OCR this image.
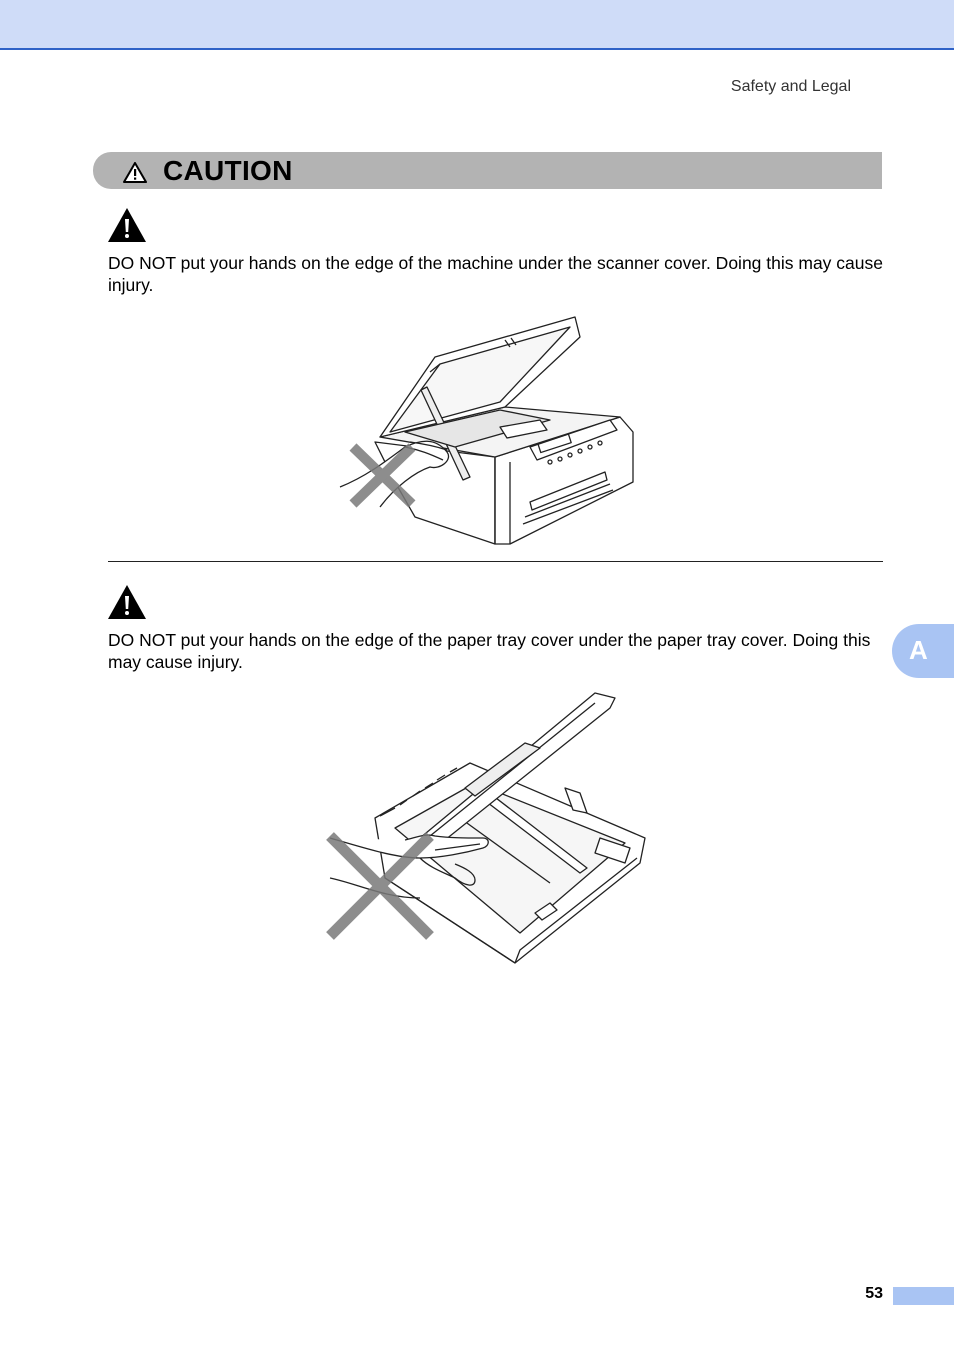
Safety and Legal
CAUTION
DO NOT put your hands on the edge of the machine under the scanner cover. Doing this may cause injury.
DO NOT put your hands on the edge of the paper tray cover under the paper tray cover. Doing this may cause injury.	A
53
